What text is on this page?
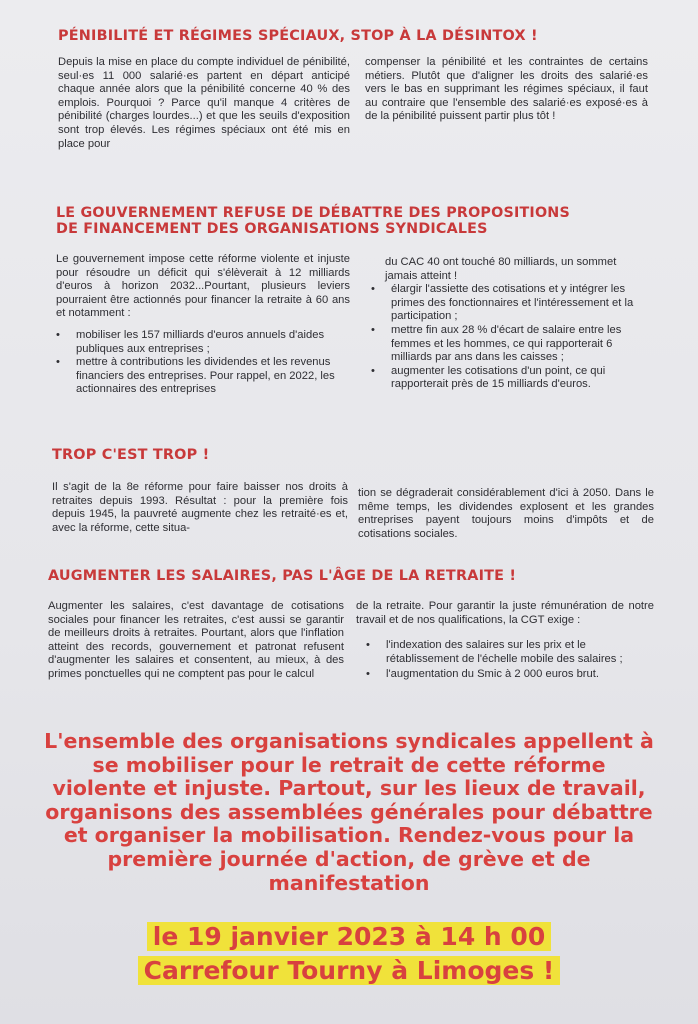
PÉNIBILITÉ ET RÉGIMES SPÉCIAUX, STOP À LA DÉSINTOX !

Depuis la mise en place du compte individuel de pénibilité, seul·es 11 000 salarié·es partent en départ anticipé chaque année alors que la pénibilité concerne 40 % des emplois. Pourquoi ? Parce qu'il manque 4 critères de pénibilité (charges lourdes...) et que les seuils d'exposition sont trop élevés. Les régimes spéciaux ont été mis en place pour

compenser la pénibilité et les contraintes de certains métiers. Plutôt que d'aligner les droits des salarié·es vers le bas en supprimant les régimes spéciaux, il faut au contraire que l'ensemble des salarié·es exposé·es à de la pénibilité puissent partir plus tôt !

LE GOUVERNEMENT REFUSE DE DÉBATTRE DES PROPOSITIONS
DE FINANCEMENT DES ORGANISATIONS SYNDICALES

Le gouvernement impose cette réforme violente et injuste pour résoudre un déficit qui s'élèverait à 12 milliards d'euros à horizon 2032...Pourtant, plusieurs leviers pourraient être actionnés pour financer la retraite à 60 ans et notamment :

• mobiliser les 157 milliards d'euros annuels d'aides publiques aux entreprises ;
• mettre à contributions les dividendes et les revenus financiers des entreprises. Pour rappel, en 2022, les actionnaires des entreprises

du CAC 40 ont touché 80 milliards, un sommet jamais atteint !

• élargir l'assiette des cotisations et y intégrer les primes des fonctionnaires et l'intéressement et la participation ;
• mettre fin aux 28 % d'écart de salaire entre les femmes et les hommes, ce qui rapporterait 6 milliards par ans dans les caisses ;
• augmenter les cotisations d'un point, ce qui rapporterait près de 15 milliards d'euros.
TROP C'EST TROP !

Il s'agit de la 8e réforme pour faire baisser nos droits à retraites depuis 1993. Résultat : pour la première fois depuis 1945, la pauvreté augmente chez les retraité·es et, avec la réforme, cette situa-

tion se dégraderait considérablement d'ici à 2050. Dans le même temps, les dividendes explosent et les grandes entreprises payent toujours moins d'impôts et de cotisations sociales.

AUGMENTER LES SALAIRES, PAS L'ÂGE DE LA RETRAITE !

Augmenter les salaires, c'est davantage de cotisations sociales pour financer les retraites, c'est aussi se garantir de meilleurs droits à retraites. Pourtant, alors que l'inflation atteint des records, gouvernement et patronat refusent d'augmenter les salaires et consentent, au mieux, à des primes ponctuelles qui ne comptent pas pour le calcul

de la retraite. Pour garantir la juste rémunération de notre travail et de nos qualifications, la CGT exige :

• l'indexation des salaires sur les prix et le rétablissement de l'échelle mobile des salaires ;
• l'augmentation du Smic à 2 000 euros brut.
L'ensemble des organisations syndicales appellent à se mobiliser pour le retrait de cette réforme violente et injuste. Partout, sur les lieux de travail, organisons des assemblées générales pour débattre et organiser la mobilisation. Rendez-vous pour la première journée d'action, de grève et de manifestation
le 19 janvier 2023 à 14 h 00
Carrefour Tourny à Limoges !
